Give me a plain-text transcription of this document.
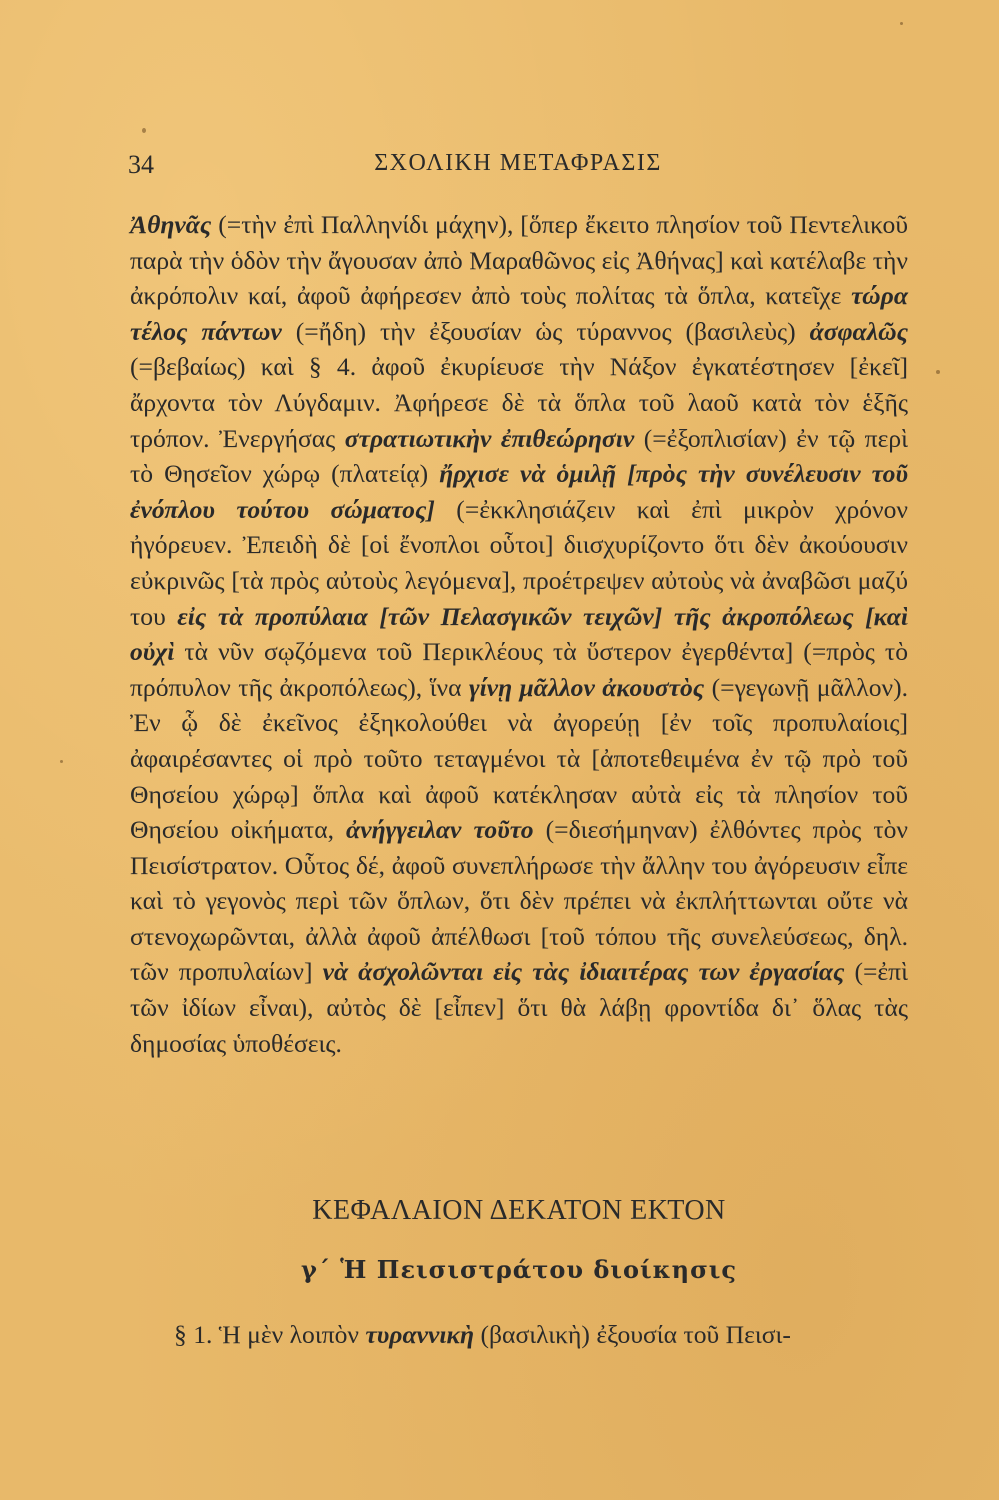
34	ΣΧΟΛΙΚΗ ΜΕΤΑΦΡΑΣΙΣ

Ἀθηνᾶς (=τὴν ἐπὶ Παλληνίδι μάχην), [ὅπερ ἔκειτο πλησίον τοῦ Πεντελικοῦ παρὰ τὴν ὁδὸν τὴν ἄγουσαν ἀπὸ Μαραθῶνος εἰς Ἀθήνας] καὶ κατέλαβε τὴν ἀκρόπολιν καί, ἀφοῦ ἀφήρεσεν ἀπὸ τοὺς πολίτας τὰ ὅπλα, κατεῖχε τώρα τέλος πάντων (=ἤδη) τὴν ἐξουσίαν ὡς τύραννος (βασιλεὺς) ἀσφαλῶς (=βεβαίως) καὶ § 4. ἀφοῦ ἐκυρίευσε τὴν Νάξον ἐγκατέστησεν [ἐκεῖ] ἄρχοντα τὸν Λύγδαμιν. Ἀφήρεσε δὲ τὰ ὅπλα τοῦ λαοῦ κατὰ τὸν ἑξῆς τρόπον. Ἐνεργήσας στρατιωτικὴν ἐπιθεώρησιν (=ἐξοπλισίαν) ἐν τῷ περὶ τὸ Θησεῖον χώρῳ (πλατείᾳ) ἤρχισε νὰ ὁμιλῇ [πρὸς τὴν συνέλευσιν τοῦ ἐνόπλου τούτου σώματος] (=ἐκκλησιάζειν καὶ ἐπὶ μικρὸν χρόνον ἠγόρευεν. Ἐπειδὴ δὲ [οἱ ἔνοπλοι οὗτοι] διισχυρίζοντο ὅτι δὲν ἀκούουσιν εὐκρινῶς [τὰ πρὸς αὐτοὺς λεγόμενα], προέτρεψεν αὐτοὺς νὰ ἀναβῶσι μαζύ του εἰς τὰ προπύλαια [τῶν Πελασγικῶν τειχῶν] τῆς ἀκροπόλεως [καὶ οὐχὶ τὰ νῦν σῳζόμενα τοῦ Περικλέους τὰ ὕστερον ἐγερθέντα] (=πρὸς τὸ πρόπυλον τῆς ἀκροπόλεως), ἵνα γίνῃ μᾶλλον ἀκουστὸς (=γεγωνῇ μᾶλλον). Ἐν ᾧ δὲ ἐκεῖνος ἐξηκολούθει νὰ ἀγορεύῃ [ἐν τοῖς προπυλαίοις] ἀφαιρέσαντες οἱ πρὸ τοῦτο τεταγμένοι τὰ [ἀποτεθειμένα ἐν τῷ πρὸ τοῦ Θησείου χώρῳ] ὅπλα καὶ ἀφοῦ κατέκλησαν αὐτὰ εἰς τὰ πλησίον τοῦ Θησείου οἰκήματα, ἀνήγγειλαν τοῦτο (=διεσήμηναν) ἐλθόντες πρὸς τὸν Πεισίστρατον. Οὗτος δέ, ἀφοῦ συνεπλήρωσε τὴν ἄλλην του ἀγόρευσιν εἶπε καὶ τὸ γεγονὸς περὶ τῶν ὅπλων, ὅτι δὲν πρέπει νὰ ἐκπλήττωνται οὔτε νὰ στενοχωρῶνται, ἀλλὰ ἀφοῦ ἀπέλθωσι [τοῦ τόπου τῆς συνελεύσεως, δηλ. τῶν προπυλαίων] νὰ ἀσχολῶνται εἰς τὰς ἰδιαιτέρας των ἐργασίας (=ἐπὶ τῶν ἰδίων εἶναι), αὐτὸς δὲ [εἶπεν] ὅτι θὰ λάβῃ φροντίδα δι᾽ ὅλας τὰς δημοσίας ὑποθέσεις.

ΚΕΦΑΛΑΙΟΝ ΔΕΚΑΤΟΝ ΕΚΤΟΝ
γ΄ Ἡ Πεισιστράτου διοίκησις
§ 1. Ἡ μὲν λοιπὸν τυραννικὴ (βασιλικὴ) ἐξουσία τοῦ Πεισι-
